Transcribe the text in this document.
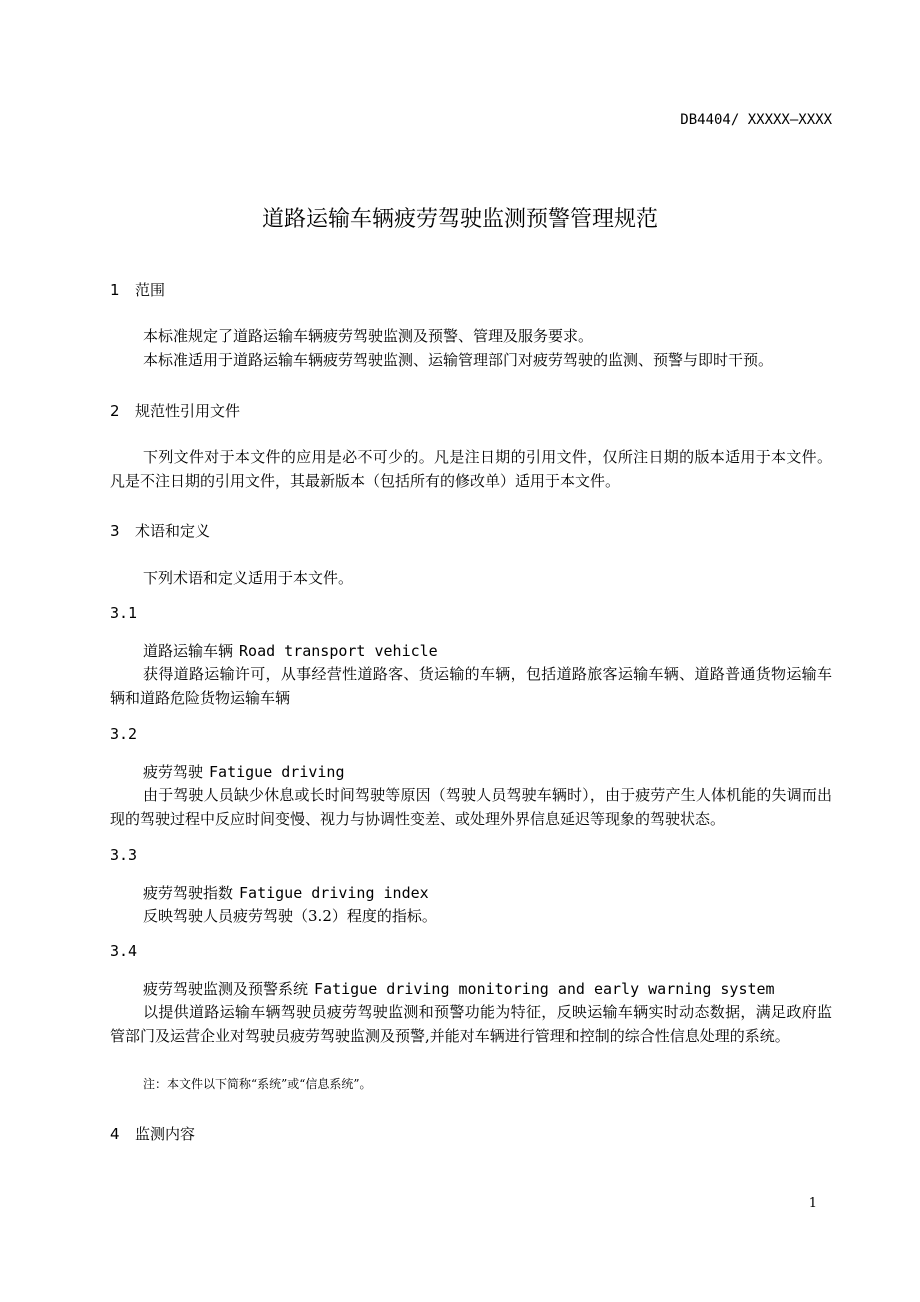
DB4404/ XXXXX—XXXX
道路运输车辆疲劳驾驶监测预警管理规范
1 范围

本标准规定了道路运输车辆疲劳驾驶监测及预警、管理及服务要求。

本标准适用于道路运输车辆疲劳驾驶监测、运输管理部门对疲劳驾驶的监测、预警与即时干预。

2 规范性引用文件

下列文件对于本文件的应用是必不可少的。凡是注日期的引用文件，仅所注日期的版本适用于本文件。凡是不注日期的引用文件，其最新版本（包括所有的修改单）适用于本文件。

3 术语和定义

下列术语和定义适用于本文件。

3.1
道路运输车辆 Road transport vehicle

获得道路运输许可，从事经营性道路客、货运输的车辆，包括道路旅客运输车辆、道路普通货物运输车辆和道路危险货物运输车辆

3.2
疲劳驾驶 Fatigue driving

由于驾驶人员缺少休息或长时间驾驶等原因（驾驶人员驾驶车辆时），由于疲劳产生人体机能的失调而出现的驾驶过程中反应时间变慢、视力与协调性变差、或处理外界信息延迟等现象的驾驶状态。

3.3
疲劳驾驶指数 Fatigue driving index

反映驾驶人员疲劳驾驶（3.2）程度的指标。

3.4
疲劳驾驶监测及预警系统 Fatigue driving monitoring and early warning system

以提供道路运输车辆驾驶员疲劳驾驶监测和预警功能为特征，反映运输车辆实时动态数据，满足政府监管部门及运营企业对驾驶员疲劳驾驶监测及预警,并能对车辆进行管理和控制的综合性信息处理的系统。

注：本文件以下简称“系统”或“信息系统”。
4 监测内容
1
